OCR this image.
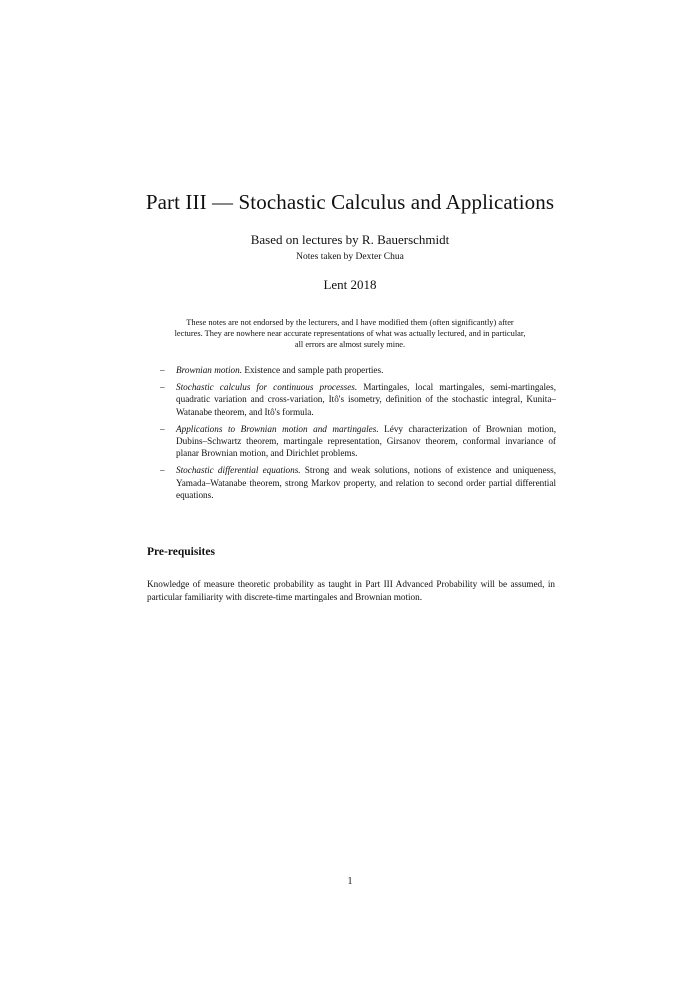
Part III — Stochastic Calculus and Applications
Based on lectures by R. Bauerschmidt
Notes taken by Dexter Chua
Lent 2018
These notes are not endorsed by the lecturers, and I have modified them (often significantly) after lectures. They are nowhere near accurate representations of what was actually lectured, and in particular, all errors are almost surely mine.
– Brownian motion. Existence and sample path properties.
– Stochastic calculus for continuous processes. Martingales, local martingales, semi-martingales, quadratic variation and cross-variation, Itô's isometry, definition of the stochastic integral, Kunita–Watanabe theorem, and Itô's formula.
– Applications to Brownian motion and martingales. Lévy characterization of Brownian motion, Dubins–Schwartz theorem, martingale representation, Girsanov theorem, conformal invariance of planar Brownian motion, and Dirichlet problems.
– Stochastic differential equations. Strong and weak solutions, notions of existence and uniqueness, Yamada–Watanabe theorem, strong Markov property, and relation to second order partial differential equations.
Pre-requisites
Knowledge of measure theoretic probability as taught in Part III Advanced Probability will be assumed, in particular familiarity with discrete-time martingales and Brownian motion.
1
